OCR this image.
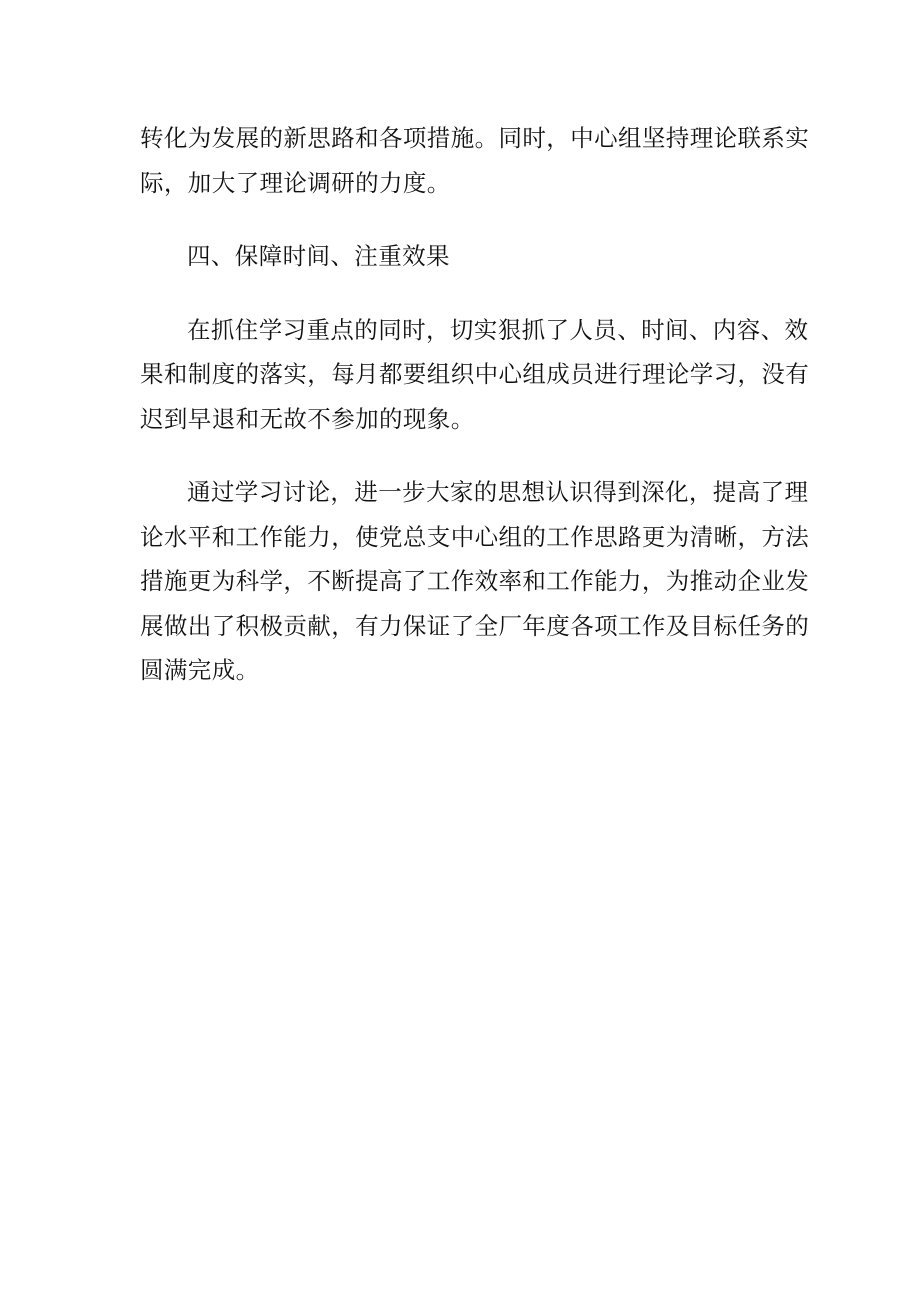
转化为发展的新思路和各项措施。同时，中心组坚持理论联系实
际，加大了理论调研的力度。

四、保障时间、注重效果

在抓住学习重点的同时，切实狠抓了人员、时间、内容、效
果和制度的落实，每月都要组织中心组成员进行理论学习，没有
迟到早退和无故不参加的现象。

通过学习讨论，进一步大家的思想认识得到深化，提高了理
论水平和工作能力，使党总支中心组的工作思路更为清晰，方法
措施更为科学，不断提高了工作效率和工作能力，为推动企业发
展做出了积极贡献，有力保证了全厂年度各项工作及目标任务的
圆满完成。
